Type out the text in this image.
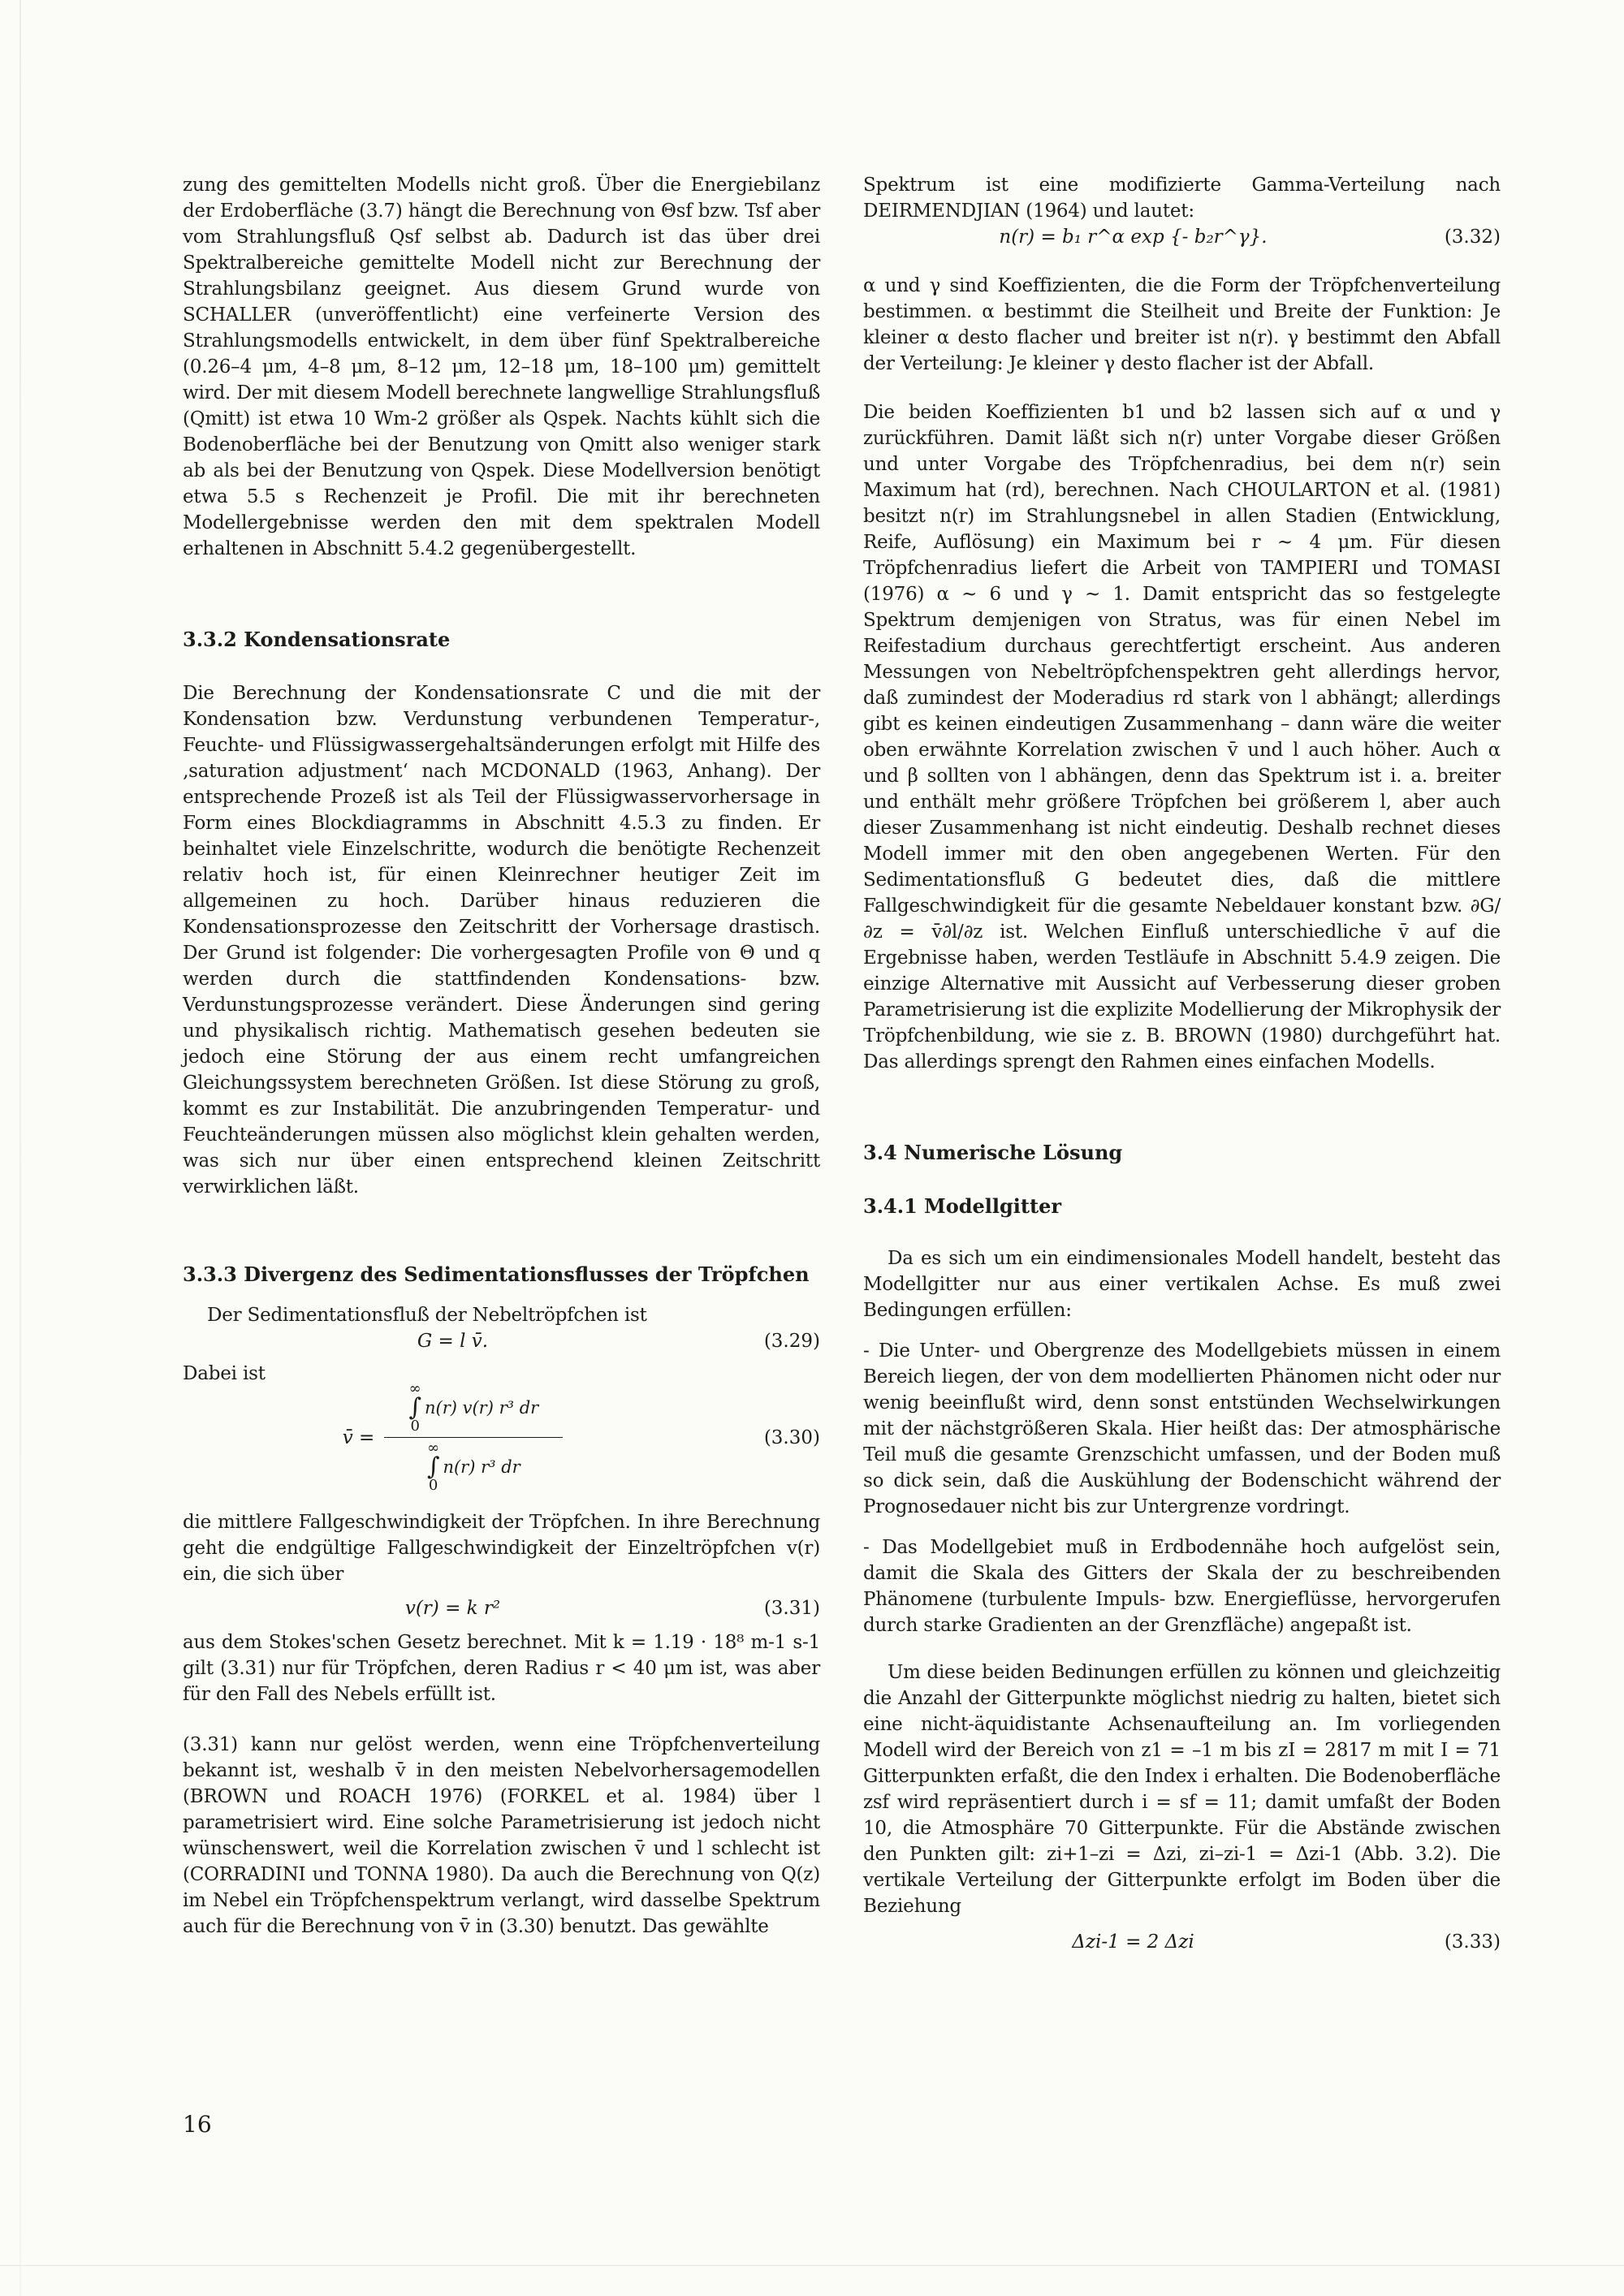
zung des gemittelten Modells nicht groß. Über die Energiebilanz der Erdoberfläche (3.7) hängt die Berechnung von Θsf bzw. Tsf aber vom Strahlungsfluß Qsf selbst ab. Dadurch ist das über drei Spektralbereiche gemittelte Modell nicht zur Berechnung der Strahlungsbilanz geeignet. Aus diesem Grund wurde von SCHALLER (unveröffentlicht) eine verfeinerte Version des Strahlungsmodells entwickelt, in dem über fünf Spektralbereiche (0.26–4 μm, 4–8 μm, 8–12 μm, 12–18 μm, 18–100 μm) gemittelt wird. Der mit diesem Modell berechnete langwellige Strahlungsfluß (Qmitt) ist etwa 10 Wm-2 größer als Qspek. Nachts kühlt sich die Bodenoberfläche bei der Benutzung von Qmitt also weniger stark ab als bei der Benutzung von Qspek. Diese Modellversion benötigt etwa 5.5 s Rechenzeit je Profil. Die mit ihr berechneten Modellergebnisse werden den mit dem spektralen Modell erhaltenen in Abschnitt 5.4.2 gegenübergestellt.

3.3.2 Kondensationsrate

Die Berechnung der Kondensationsrate C und die mit der Kondensation bzw. Verdunstung verbundenen Temperatur-, Feuchte- und Flüssigwassergehaltsänderungen erfolgt mit Hilfe des ‚saturation adjustment‘ nach MCDONALD (1963, Anhang). Der entsprechende Prozeß ist als Teil der Flüssigwasservorhersage in Form eines Blockdiagramms in Abschnitt 4.5.3 zu finden. Er beinhaltet viele Einzelschritte, wodurch die benötigte Rechenzeit relativ hoch ist, für einen Kleinrechner heutiger Zeit im allgemeinen zu hoch. Darüber hinaus reduzieren die Kondensationsprozesse den Zeitschritt der Vorhersage drastisch. Der Grund ist folgender: Die vorhergesagten Profile von Θ und q werden durch die stattfindenden Kondensations- bzw. Verdunstungsprozesse verändert. Diese Änderungen sind gering und physikalisch richtig. Mathematisch gesehen bedeuten sie jedoch eine Störung der aus einem recht umfangreichen Gleichungssystem berechneten Größen. Ist diese Störung zu groß, kommt es zur Instabilität. Die anzubringenden Temperatur- und Feuchteänderungen müssen also möglichst klein gehalten werden, was sich nur über einen entsprechend kleinen Zeitschritt verwirklichen läßt.

3.3.3 Divergenz des Sedimentationsflusses der Tröpfchen

Der Sedimentationsfluß der Nebeltröpfchen ist

G = l v̄.	(3.29)

Dabei ist

v̄ = ∞
∫
0
n(r) v(r) r³ dr
∞
∫
0
n(r) r³ dr	(3.30)

die mittlere Fallgeschwindigkeit der Tröpfchen. In ihre Berechnung geht die endgültige Fallgeschwindigkeit der Einzeltröpfchen v(r) ein, die sich über

v(r) = k r²	(3.31)

aus dem Stokes'schen Gesetz berechnet. Mit k = 1.19 · 18⁸ m-1 s-1 gilt (3.31) nur für Tröpfchen, deren Radius r < 40 μm ist, was aber für den Fall des Nebels erfüllt ist.

(3.31) kann nur gelöst werden, wenn eine Tröpfchenverteilung bekannt ist, weshalb v̄ in den meisten Nebelvorhersagemodellen (BROWN und ROACH 1976) (FORKEL et al. 1984) über l parametrisiert wird. Eine solche Parametrisierung ist jedoch nicht wünschenswert, weil die Korrelation zwischen v̄ und l schlecht ist (CORRADINI und TONNA 1980). Da auch die Berechnung von Q(z) im Nebel ein Tröpfchenspektrum verlangt, wird dasselbe Spektrum auch für die Berechnung von v̄ in (3.30) benutzt. Das gewählte

Spektrum ist eine modifizierte Gamma-Verteilung nach DEIRMENDJIAN (1964) und lautet:

n(r) = b₁ r^α exp {- b₂r^γ}.	(3.32)

α und γ sind Koeffizienten, die die Form der Tröpfchenverteilung bestimmen. α bestimmt die Steilheit und Breite der Funktion: Je kleiner α desto flacher und breiter ist n(r). γ bestimmt den Abfall der Verteilung: Je kleiner γ desto flacher ist der Abfall.

Die beiden Koeffizienten b1 und b2 lassen sich auf α und γ zurückführen. Damit läßt sich n(r) unter Vorgabe dieser Größen und unter Vorgabe des Tröpfchenradius, bei dem n(r) sein Maximum hat (rd), berechnen. Nach CHOULARTON et al. (1981) besitzt n(r) im Strahlungsnebel in allen Stadien (Entwicklung, Reife, Auflösung) ein Maximum bei r ~ 4 μm. Für diesen Tröpfchenradius liefert die Arbeit von TAMPIERI und TOMASI (1976) α ~ 6 und γ ~ 1. Damit entspricht das so festgelegte Spektrum demjenigen von Stratus, was für einen Nebel im Reifestadium durchaus gerechtfertigt erscheint. Aus anderen Messungen von Nebeltröpfchenspektren geht allerdings hervor, daß zumindest der Moderadius rd stark von l abhängt; allerdings gibt es keinen eindeutigen Zusammenhang – dann wäre die weiter oben erwähnte Korrelation zwischen v̄ und l auch höher. Auch α und β sollten von l abhängen, denn das Spektrum ist i. a. breiter und enthält mehr größere Tröpfchen bei größerem l, aber auch dieser Zusammenhang ist nicht eindeutig. Deshalb rechnet dieses Modell immer mit den oben angegebenen Werten. Für den Sedimentationsfluß G bedeutet dies, daß die mittlere Fallgeschwindigkeit für die gesamte Nebeldauer konstant bzw. ∂G/∂z = v̄∂l/∂z ist. Welchen Einfluß unterschiedliche v̄ auf die Ergebnisse haben, werden Testläufe in Abschnitt 5.4.9 zeigen. Die einzige Alternative mit Aussicht auf Verbesserung dieser groben Parametrisierung ist die explizite Modellierung der Mikrophysik der Tröpfchenbildung, wie sie z. B. BROWN (1980) durchgeführt hat. Das allerdings sprengt den Rahmen eines einfachen Modells.

3.4 Numerische Lösung
3.4.1 Modellgitter

Da es sich um ein eindimensionales Modell handelt, besteht das Modellgitter nur aus einer vertikalen Achse. Es muß zwei Bedingungen erfüllen:

- Die Unter- und Obergrenze des Modellgebiets müssen in einem Bereich liegen, der von dem modellierten Phänomen nicht oder nur wenig beeinflußt wird, denn sonst entstünden Wechselwirkungen mit der nächstgrößeren Skala. Hier heißt das: Der atmosphärische Teil muß die gesamte Grenzschicht umfassen, und der Boden muß so dick sein, daß die Auskühlung der Bodenschicht während der Prognosedauer nicht bis zur Untergrenze vordringt.

- Das Modellgebiet muß in Erdbodennähe hoch aufgelöst sein, damit die Skala des Gitters der Skala der zu beschreibenden Phänomene (turbulente Impuls- bzw. Energieflüsse, hervorgerufen durch starke Gradienten an der Grenzfläche) angepaßt ist.

Um diese beiden Bedinungen erfüllen zu können und gleichzeitig die Anzahl der Gitterpunkte möglichst niedrig zu halten, bietet sich eine nicht-äquidistante Achsenaufteilung an. Im vorliegenden Modell wird der Bereich von z1 = –1 m bis zI = 2817 m mit I = 71 Gitterpunkten erfaßt, die den Index i erhalten. Die Bodenoberfläche zsf wird repräsentiert durch i = sf = 11; damit umfaßt der Boden 10, die Atmosphäre 70 Gitterpunkte. Für die Abstände zwischen den Punkten gilt: zi+1–zi = Δzi, zi–zi-1 = Δzi-1 (Abb. 3.2). Die vertikale Verteilung der Gitterpunkte erfolgt im Boden über die Beziehung

Δzi-1 = 2 Δzi	(3.33)
16
